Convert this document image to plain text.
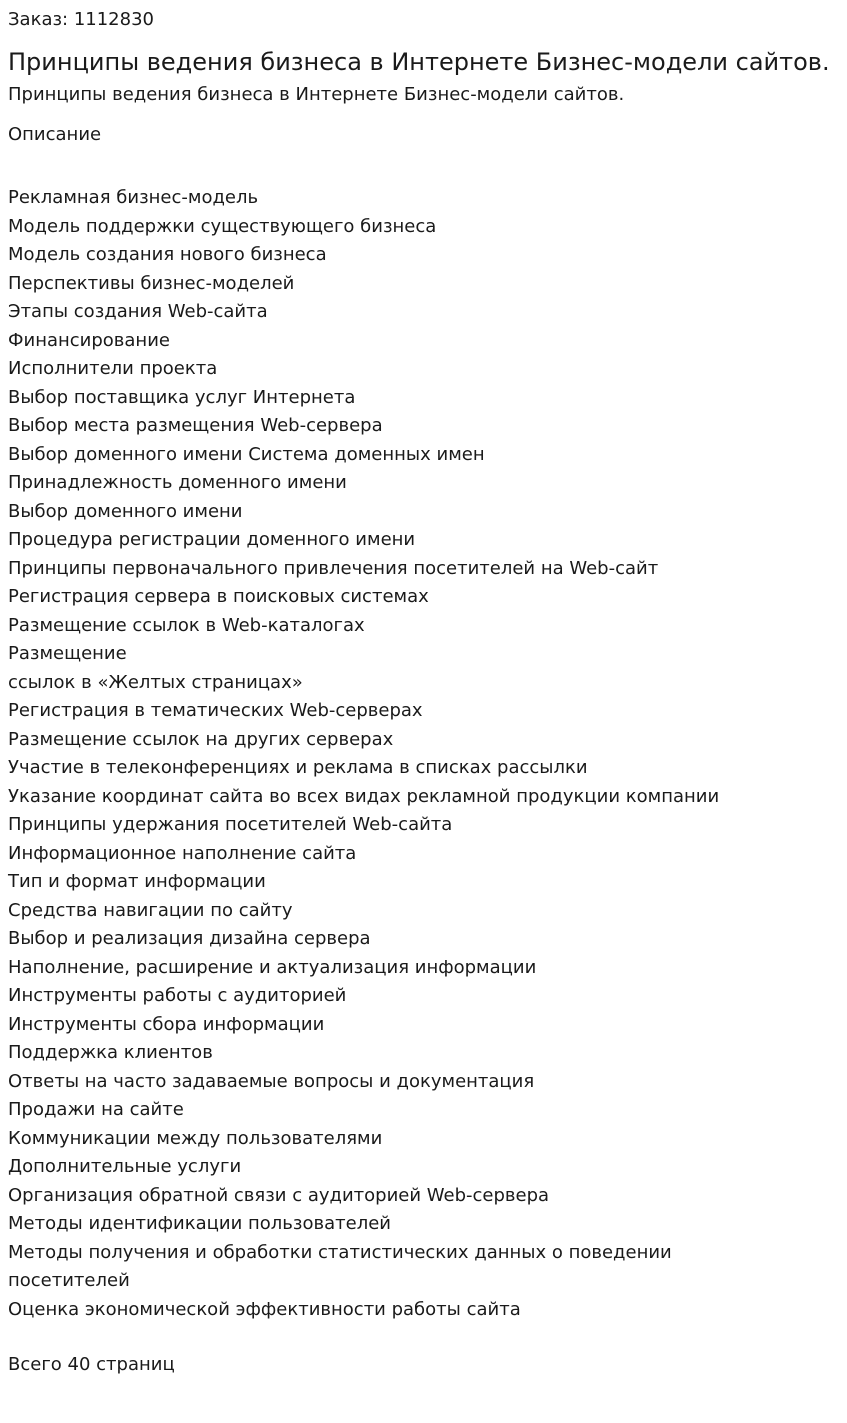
Заказ: 1112830

Принципы ведения бизнеса в Интернете Бизнес-модели сайтов.

Принципы ведения бизнеса в Интернете Бизнес-модели сайтов.

Описание

Рекламная бизнес-модель
Модель поддержки существующего бизнеса
Модель создания нового бизнеса
Перспективы бизнес-моделей
Этапы создания Web-сайта
Финансирование
Исполнители проекта
Выбор поставщика услуг Интернета
Выбор места размещения Web-сервера
Выбор доменного имени Система доменных имен
Принадлежность доменного имени
Выбор доменного имени
Процедура регистрации доменного имени
Принципы первоначального привлечения посетителей на Web-сайт
Регистрация сервера в поисковых системах
Размещение ссылок в Web-каталогах
Размещение
ссылок в «Желтых страницах»
Регистрация в тематических Web-серверах
Размещение ссылок на других серверах
Участие в телеконференциях и реклама в списках рассылки
Указание координат сайта во всех видах рекламной продукции компании
Принципы удержания посетителей Web-сайта
Информационное наполнение сайта
Тип и формат информации
Средства навигации по сайту
Выбор и реализация дизайна сервера
Наполнение, расширение и актуализация информации
Инструменты работы с аудиторией
Инструменты сбора информации
Поддержка клиентов
Ответы на часто задаваемые вопросы и документация
Продажи на сайте
Коммуникации между пользователями
Дополнительные услуги
Организация обратной связи с аудиторией Web-сервера
Методы идентификации пользователей
Методы получения и обработки статистических данных о поведении посетителей
Оценка экономической эффективности работы сайта

Всего 40 страниц
